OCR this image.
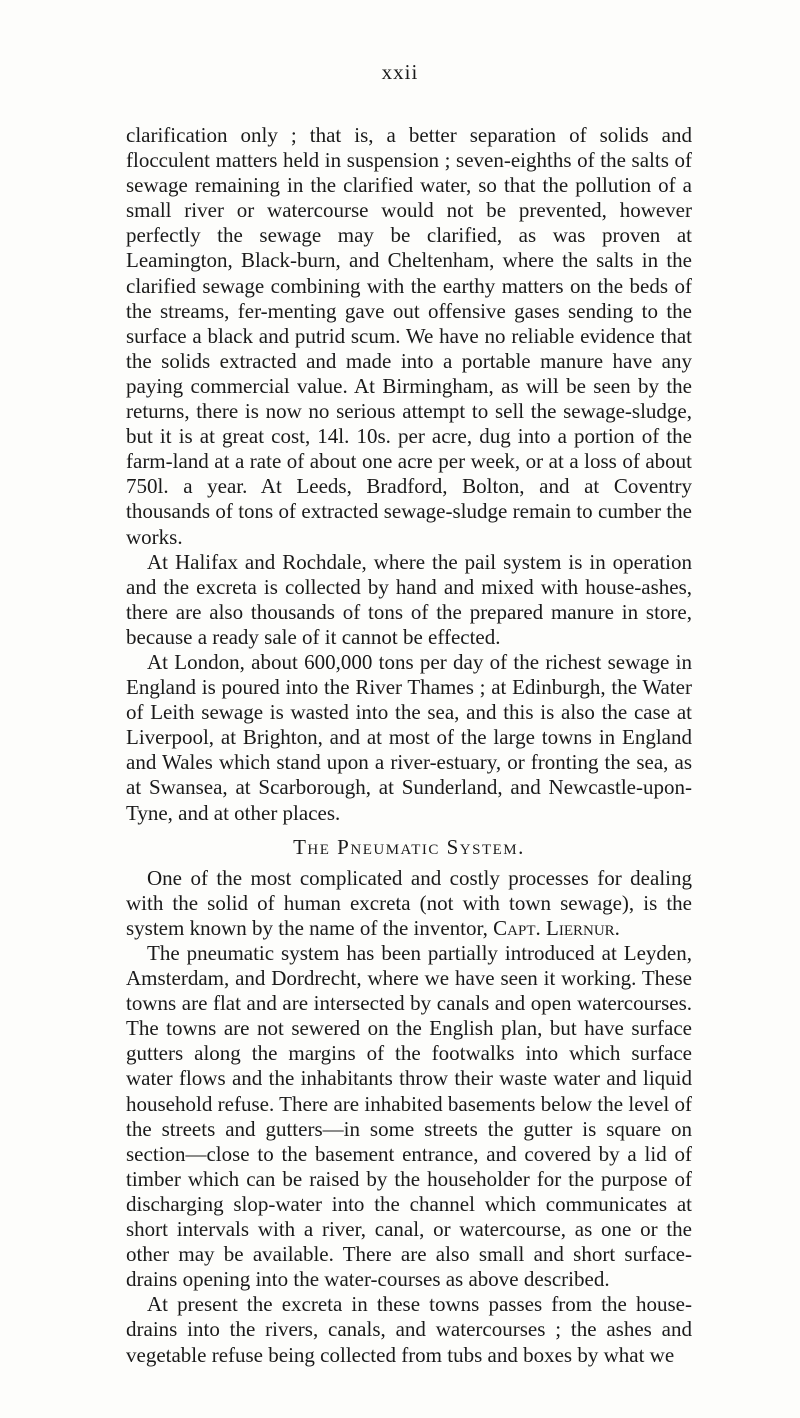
xxii

clarification only ; that is, a better separation of solids and flocculent matters held in suspension ; seven-eighths of the salts of sewage remaining in the clarified water, so that the pollution of a small river or watercourse would not be prevented, however perfectly the sewage may be clarified, as was proven at Leamington, Black-burn, and Cheltenham, where the salts in the clarified sewage combining with the earthy matters on the beds of the streams, fer-menting gave out offensive gases sending to the surface a black and putrid scum. We have no reliable evidence that the solids extracted and made into a portable manure have any paying commercial value. At Birmingham, as will be seen by the returns, there is now no serious attempt to sell the sewage-sludge, but it is at great cost, 14l. 10s. per acre, dug into a portion of the farm-land at a rate of about one acre per week, or at a loss of about 750l. a year. At Leeds, Bradford, Bolton, and at Coventry thousands of tons of extracted sewage-sludge remain to cumber the works.

At Halifax and Rochdale, where the pail system is in operation and the excreta is collected by hand and mixed with house-ashes, there are also thousands of tons of the prepared manure in store, because a ready sale of it cannot be effected.

At London, about 600,000 tons per day of the richest sewage in England is poured into the River Thames ; at Edinburgh, the Water of Leith sewage is wasted into the sea, and this is also the case at Liverpool, at Brighton, and at most of the large towns in England and Wales which stand upon a river-estuary, or fronting the sea, as at Swansea, at Scarborough, at Sunderland, and Newcastle-upon-Tyne, and at other places.

The Pneumatic System.

One of the most complicated and costly processes for dealing with the solid of human excreta (not with town sewage), is the system known by the name of the inventor, Capt. Liernur.

The pneumatic system has been partially introduced at Leyden, Amsterdam, and Dordrecht, where we have seen it working. These towns are flat and are intersected by canals and open watercourses. The towns are not sewered on the English plan, but have surface gutters along the margins of the footwalks into which surface water flows and the inhabitants throw their waste water and liquid household refuse. There are inhabited basements below the level of the streets and gutters—in some streets the gutter is square on section—close to the basement entrance, and covered by a lid of timber which can be raised by the householder for the purpose of discharging slop-water into the channel which communicates at short intervals with a river, canal, or watercourse, as one or the other may be available. There are also small and short surface-drains opening into the water-courses as above described.

At present the excreta in these towns passes from the house-drains into the rivers, canals, and watercourses ; the ashes and vegetable refuse being collected from tubs and boxes by what we
